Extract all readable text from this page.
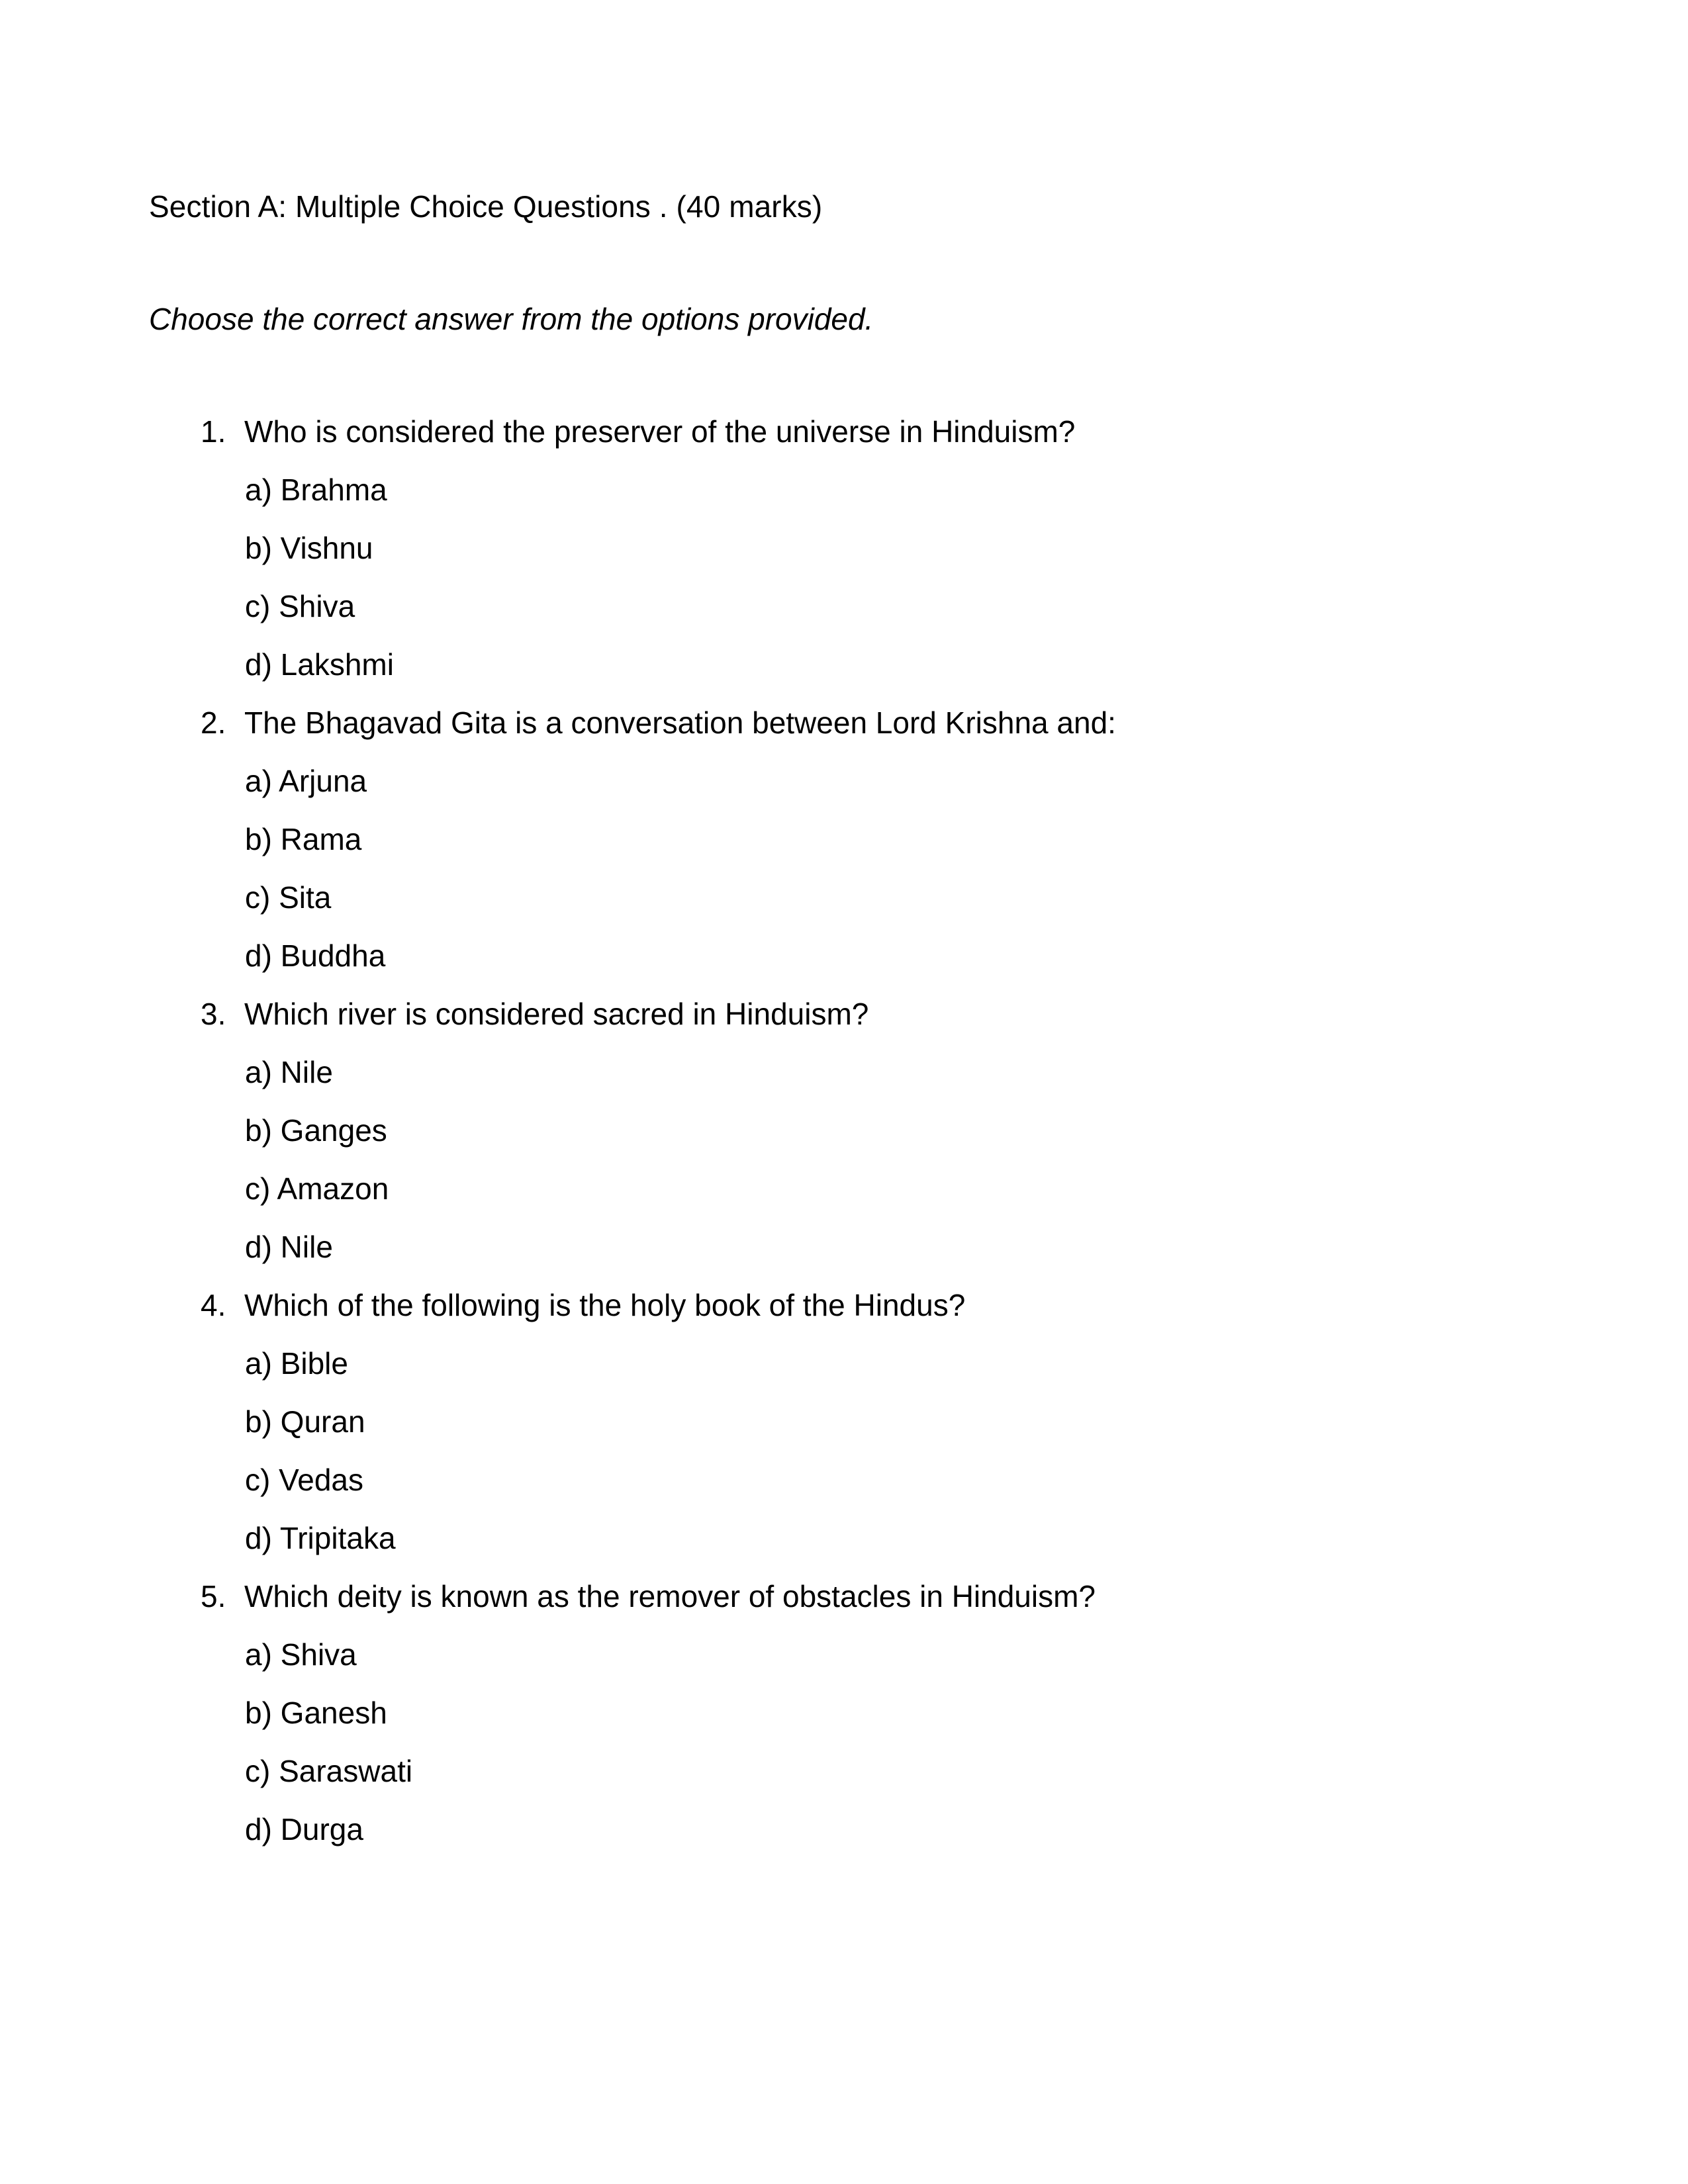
Section A: Multiple Choice Questions . (40 marks)
Choose the correct answer from the options provided.
1. Who is considered the preserver of the universe in Hinduism?
a) Brahma
b) Vishnu
c) Shiva
d) Lakshmi
2. The Bhagavad Gita is a conversation between Lord Krishna and:
a) Arjuna
b) Rama
c) Sita
d) Buddha
3. Which river is considered sacred in Hinduism?
a) Nile
b) Ganges
c) Amazon
d) Nile
4. Which of the following is the holy book of the Hindus?
a) Bible
b) Quran
c) Vedas
d) Tripitaka
5. Which deity is known as the remover of obstacles in Hinduism?
a) Shiva
b) Ganesh
c) Saraswati
d) Durga
